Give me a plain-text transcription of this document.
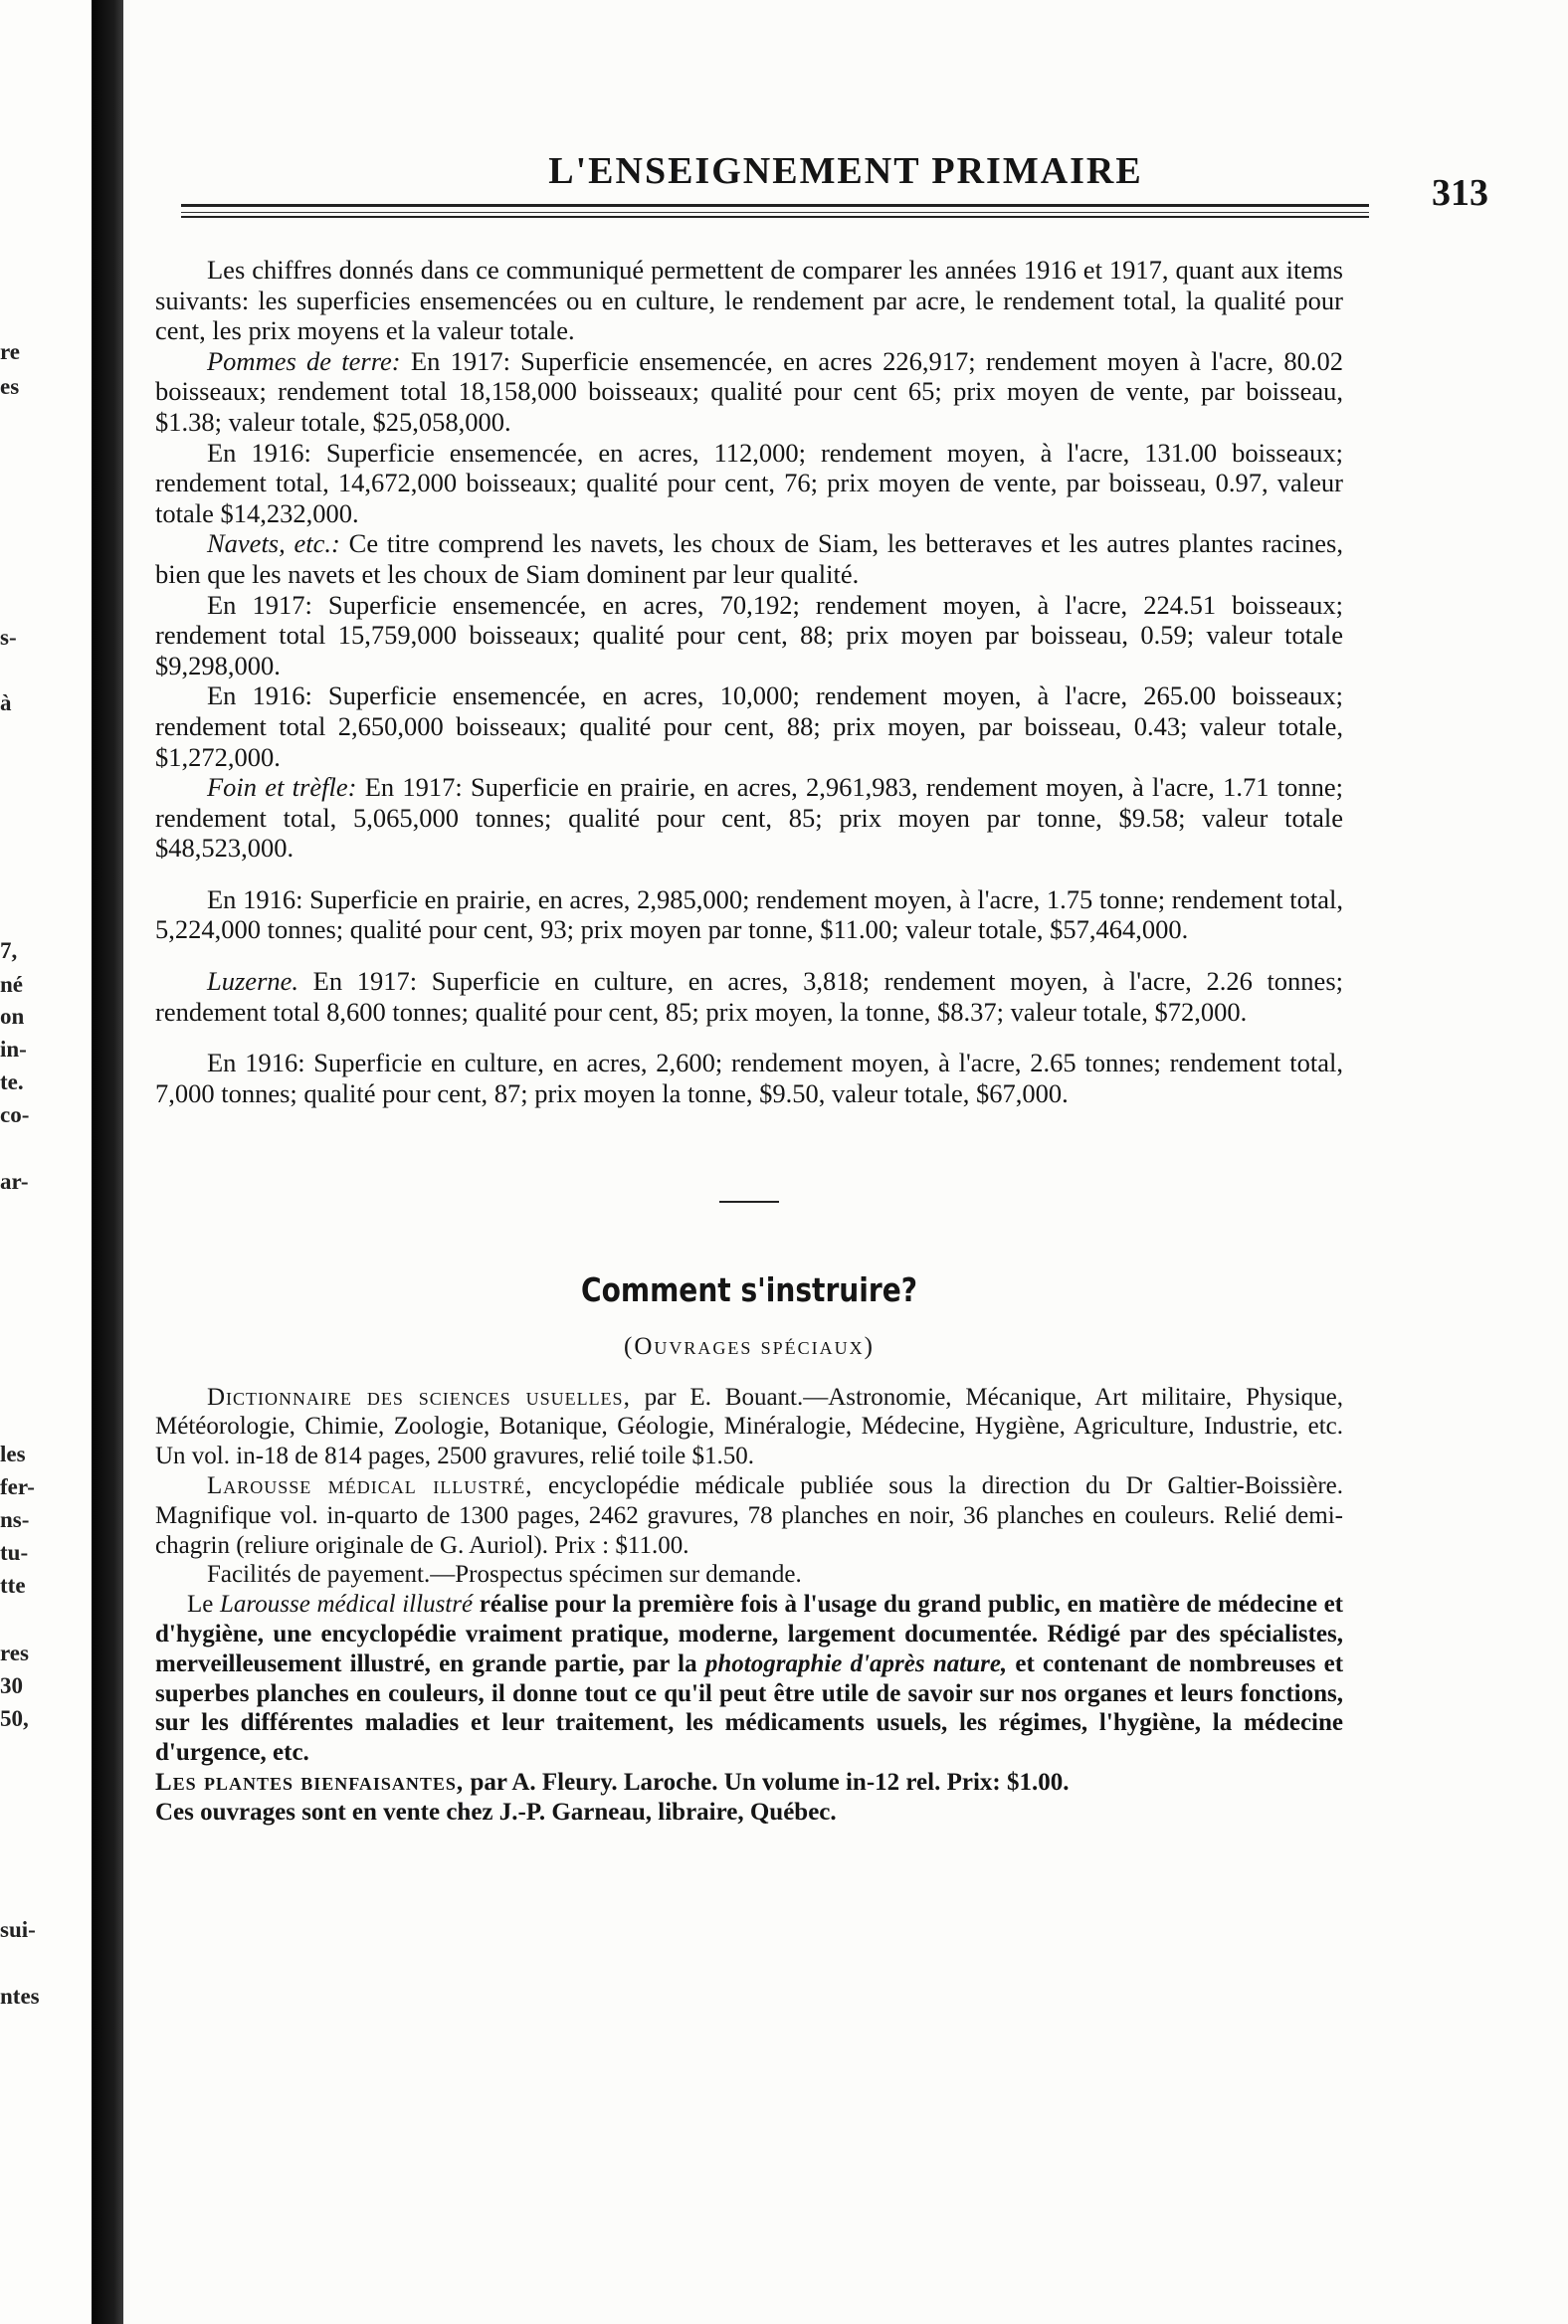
re
es
s-
à
7,
né
on
in-
te.
co-
ar-
les
fer-
ns-
tu-
tte
res
30
50,
sui-
ntes
L'ENSEIGNEMENT PRIMAIRE
313

Les chiffres donnés dans ce communiqué permettent de comparer les années 1916 et 1917, quant aux items suivants: les superficies ensemencées ou en culture, le rendement par acre, le rendement total, la qualité pour cent, les prix moyens et la valeur totale.

Pommes de terre: En 1917: Superficie ensemencée, en acres 226,917; rendement moyen à l'acre, 80.02 boisseaux; rendement total 18,158,000 boisseaux; qualité pour cent 65; prix moyen de vente, par boisseau, $1.38; valeur totale, $25,058,000.

En 1916: Superficie ensemencée, en acres, 112,000; rendement moyen, à l'acre, 131.00 boisseaux; rendement total, 14,672,000 boisseaux; qualité pour cent, 76; prix moyen de vente, par boisseau, 0.97, valeur totale $14,232,000.

Navets, etc.: Ce titre comprend les navets, les choux de Siam, les betteraves et les autres plantes racines, bien que les navets et les choux de Siam dominent par leur qualité.

En 1917: Superficie ensemencée, en acres, 70,192; rendement moyen, à l'acre, 224.51 boisseaux; rendement total 15,759,000 boisseaux; qualité pour cent, 88; prix moyen par boisseau, 0.59; valeur totale $9,298,000.

En 1916: Superficie ensemencée, en acres, 10,000; rendement moyen, à l'acre, 265.00 boisseaux; rendement total 2,650,000 boisseaux; qualité pour cent, 88; prix moyen, par boisseau, 0.43; valeur totale, $1,272,000.

Foin et trèfle: En 1917: Superficie en prairie, en acres, 2,961,983, rendement moyen, à l'acre, 1.71 tonne; rendement total, 5,065,000 tonnes; qualité pour cent, 85; prix moyen par tonne, $9.58; valeur totale $48,523,000.

En 1916: Superficie en prairie, en acres, 2,985,000; rendement moyen, à l'acre, 1.75 tonne; rendement total, 5,224,000 tonnes; qualité pour cent, 93; prix moyen par tonne, $11.00; valeur totale, $57,464,000.

Luzerne. En 1917: Superficie en culture, en acres, 3,818; rendement moyen, à l'acre, 2.26 tonnes; rendement total 8,600 tonnes; qualité pour cent, 85; prix moyen, la tonne, $8.37; valeur totale, $72,000.

En 1916: Superficie en culture, en acres, 2,600; rendement moyen, à l'acre, 2.65 tonnes; rendement total, 7,000 tonnes; qualité pour cent, 87; prix moyen la tonne, $9.50, valeur totale, $67,000.

Comment s'instruire?
(Ouvrages spéciaux)

Dictionnaire des sciences usuelles, par E. Bouant.—Astronomie, Mécanique, Art militaire, Physique, Météorologie, Chimie, Zoologie, Botanique, Géologie, Minéralogie, Médecine, Hygiène, Agriculture, Industrie, etc. Un vol. in-18 de 814 pages, 2500 gravures, relié toile $1.50.

Larousse médical illustré, encyclopédie médicale publiée sous la direction du Dr Galtier-Boissière. Magnifique vol. in-quarto de 1300 pages, 2462 gravures, 78 planches en noir, 36 planches en couleurs. Relié demi-chagrin (reliure originale de G. Auriol). Prix : $11.00.

Facilités de payement.—Prospectus spécimen sur demande.

Le Larousse médical illustré réalise pour la première fois à l'usage du grand public, en matière de médecine et d'hygiène, une encyclopédie vraiment pratique, moderne, largement documentée. Rédigé par des spécialistes, merveilleusement illustré, en grande partie, par la photographie d'après nature, et contenant de nombreuses et superbes planches en couleurs, il donne tout ce qu'il peut être utile de savoir sur nos organes et leurs fonctions, sur les différentes maladies et leur traitement, les médicaments usuels, les régimes, l'hygiène, la médecine d'urgence, etc.

Les plantes bienfaisantes, par A. Fleury. Laroche. Un volume in-12 rel. Prix: $1.00.

Ces ouvrages sont en vente chez J.-P. Garneau, libraire, Québec.
